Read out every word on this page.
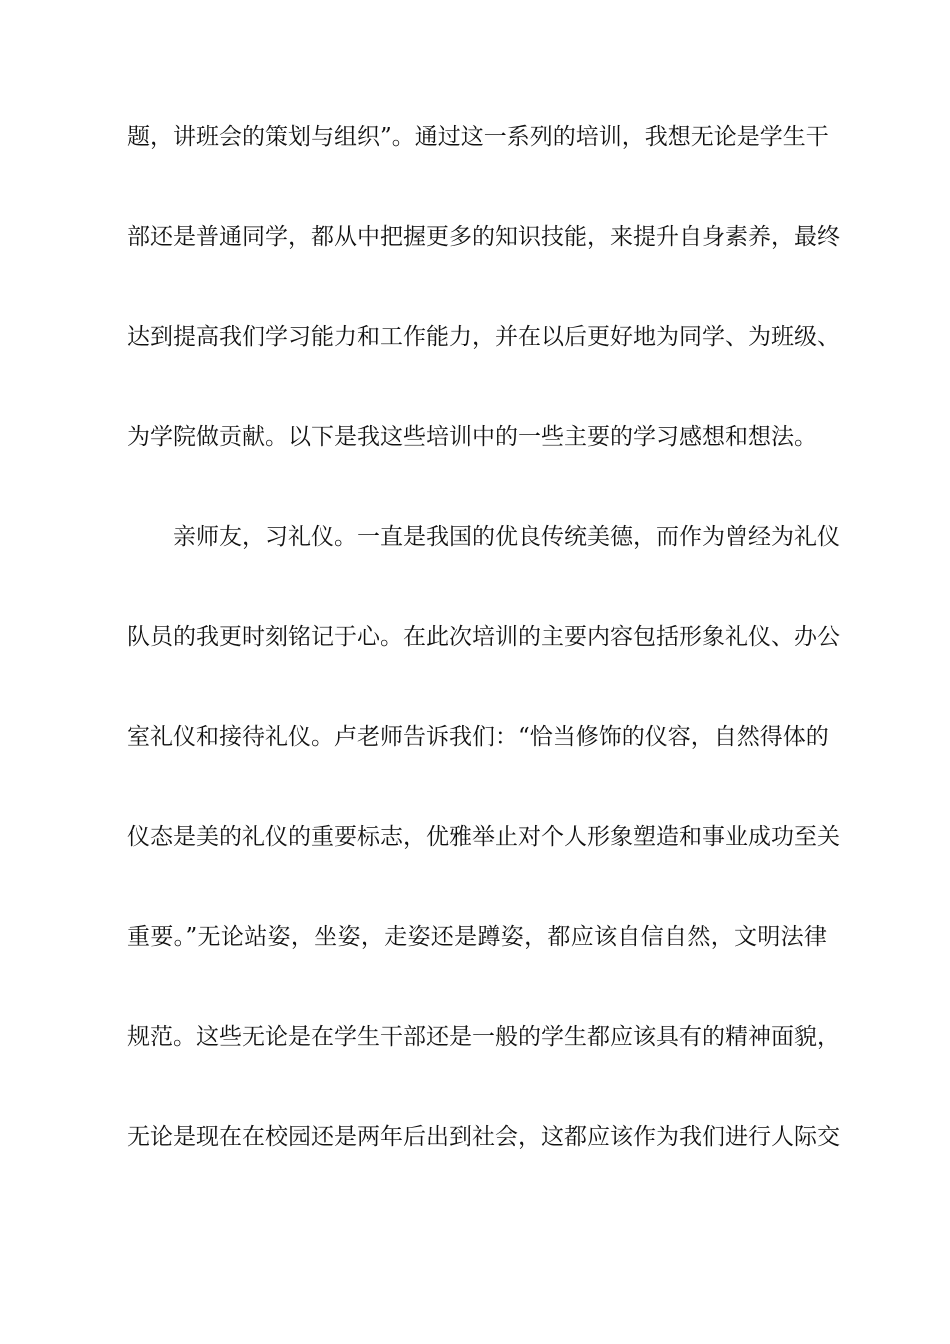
题，讲班会的策划与组织”。通过这一系列的培训，我想无论是学生干
部还是普通同学，都从中把握更多的知识技能，来提升自身素养，最终
达到提高我们学习能力和工作能力，并在以后更好地为同学、为班级、
为学院做贡献。以下是我这些培训中的一些主要的学习感想和想法。
亲师友，习礼仪。一直是我国的优良传统美德，而作为曾经为礼仪
队员的我更时刻铭记于心。在此次培训的主要内容包括形象礼仪、办公
室礼仪和接待礼仪。卢老师告诉我们：“恰当修饰的仪容，自然得体的
仪态是美的礼仪的重要标志，优雅举止对个人形象塑造和事业成功至关
重要。”无论站姿，坐姿，走姿还是蹲姿，都应该自信自然，文明法律
规范。这些无论是在学生干部还是一般的学生都应该具有的精神面貌，
无论是现在在校园还是两年后出到社会，这都应该作为我们进行人际交
